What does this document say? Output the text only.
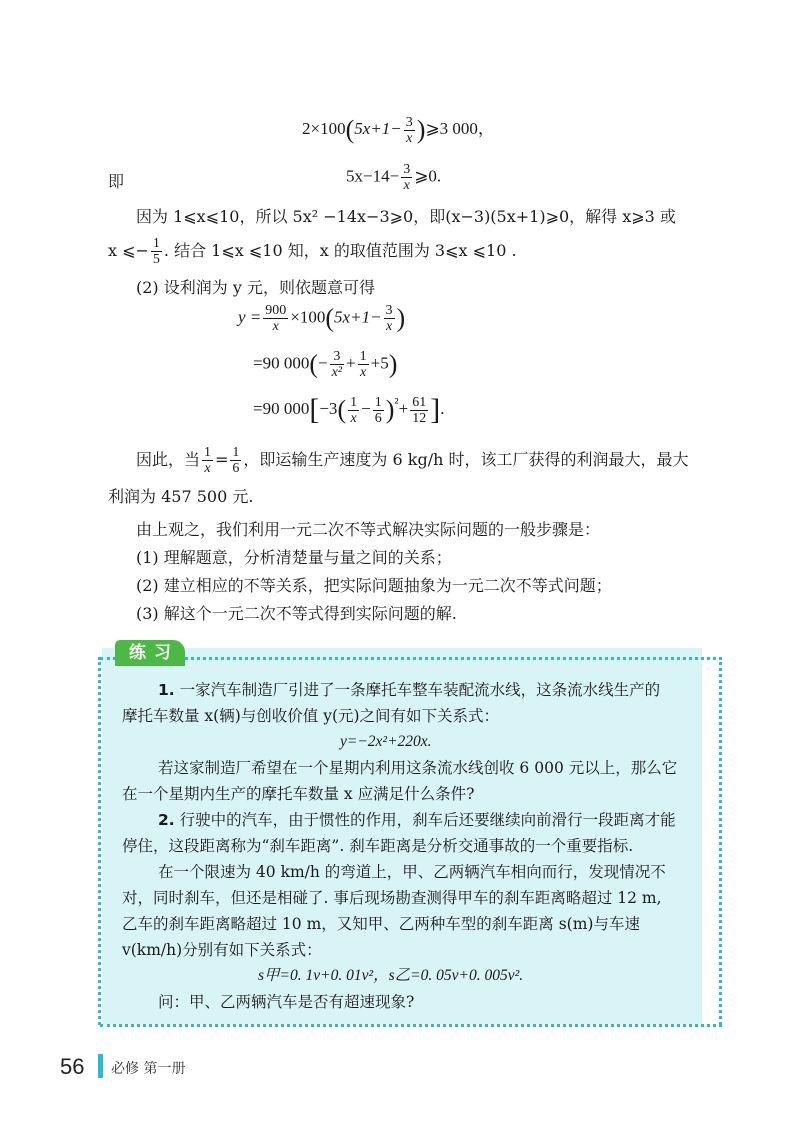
$2\times 100(5x+1- \frac{3}{x}$ )⩾3 000，
即	$5x-14- \frac{3}{x}$ ⩾0.
因为 1⩽x⩽10，所以 5x² −14x−3⩾0，即(x−3)(5x+1)⩾0，解得 x⩾3 或
x ⩽− $\frac{1}{5}$ . 结合 1⩽x ⩽10 知，x 的取值范围为 3⩽x ⩽10 .
(2) 设利润为 y 元，则依题意可得
$y = \frac{900}{x} \times 100(5x+1- \frac{3}{x}$ )
=90 $000(- \frac{3}{\text{x²}} + \frac{1}{x} +5)$
=90 $000[-3( \frac{1}{x} - \frac{1}{6} )^{^2}+ \frac{61}{12}$ ].
因此，当 $\frac{1}{x} = \frac{1}{6}$ ，即运输生产速度为 6 kg/h 时，该工厂获得的利润最大，最大
利润为 457 500 元.
由上观之，我们利用一元二次不等式解决实际问题的一般步骤是：
(1) 理解题意，分析清楚量与量之间的关系；
(2) 建立相应的不等关系，把实际问题抽象为一元二次不等式问题；
(3) 解这个一元二次不等式得到实际问题的解.
练习
1. 一家汽车制造厂引进了一条摩托车整车装配流水线，这条流水线生产的
摩托车数量 x(辆)与创收价值 y(元)之间有如下关系式：
y=−2x²+220x.
若这家制造厂希望在一个星期内利用这条流水线创收 6 000 元以上，那么它
在一个星期内生产的摩托车数量 x 应满足什么条件?
2. 行驶中的汽车，由于惯性的作用，刹车后还要继续向前滑行一段距离才能
停住，这段距离称为“刹车距离”. 刹车距离是分析交通事故的一个重要指标.
在一个限速为 40 km/h 的弯道上，甲、乙两辆汽车相向而行，发现情况不
对，同时刹车，但还是相碰了. 事后现场勘查测得甲车的刹车距离略超过 12 m,
乙车的刹车距离略超过 10 m，又知甲、乙两种车型的刹车距离 s(m)与车速
v(km/h)分别有如下关系式：
s甲=0. 1v+0. 01v²，s乙=0. 05v+0. 005v².
问：甲、乙两辆汽车是否有超速现象?
56 必修 第一册
